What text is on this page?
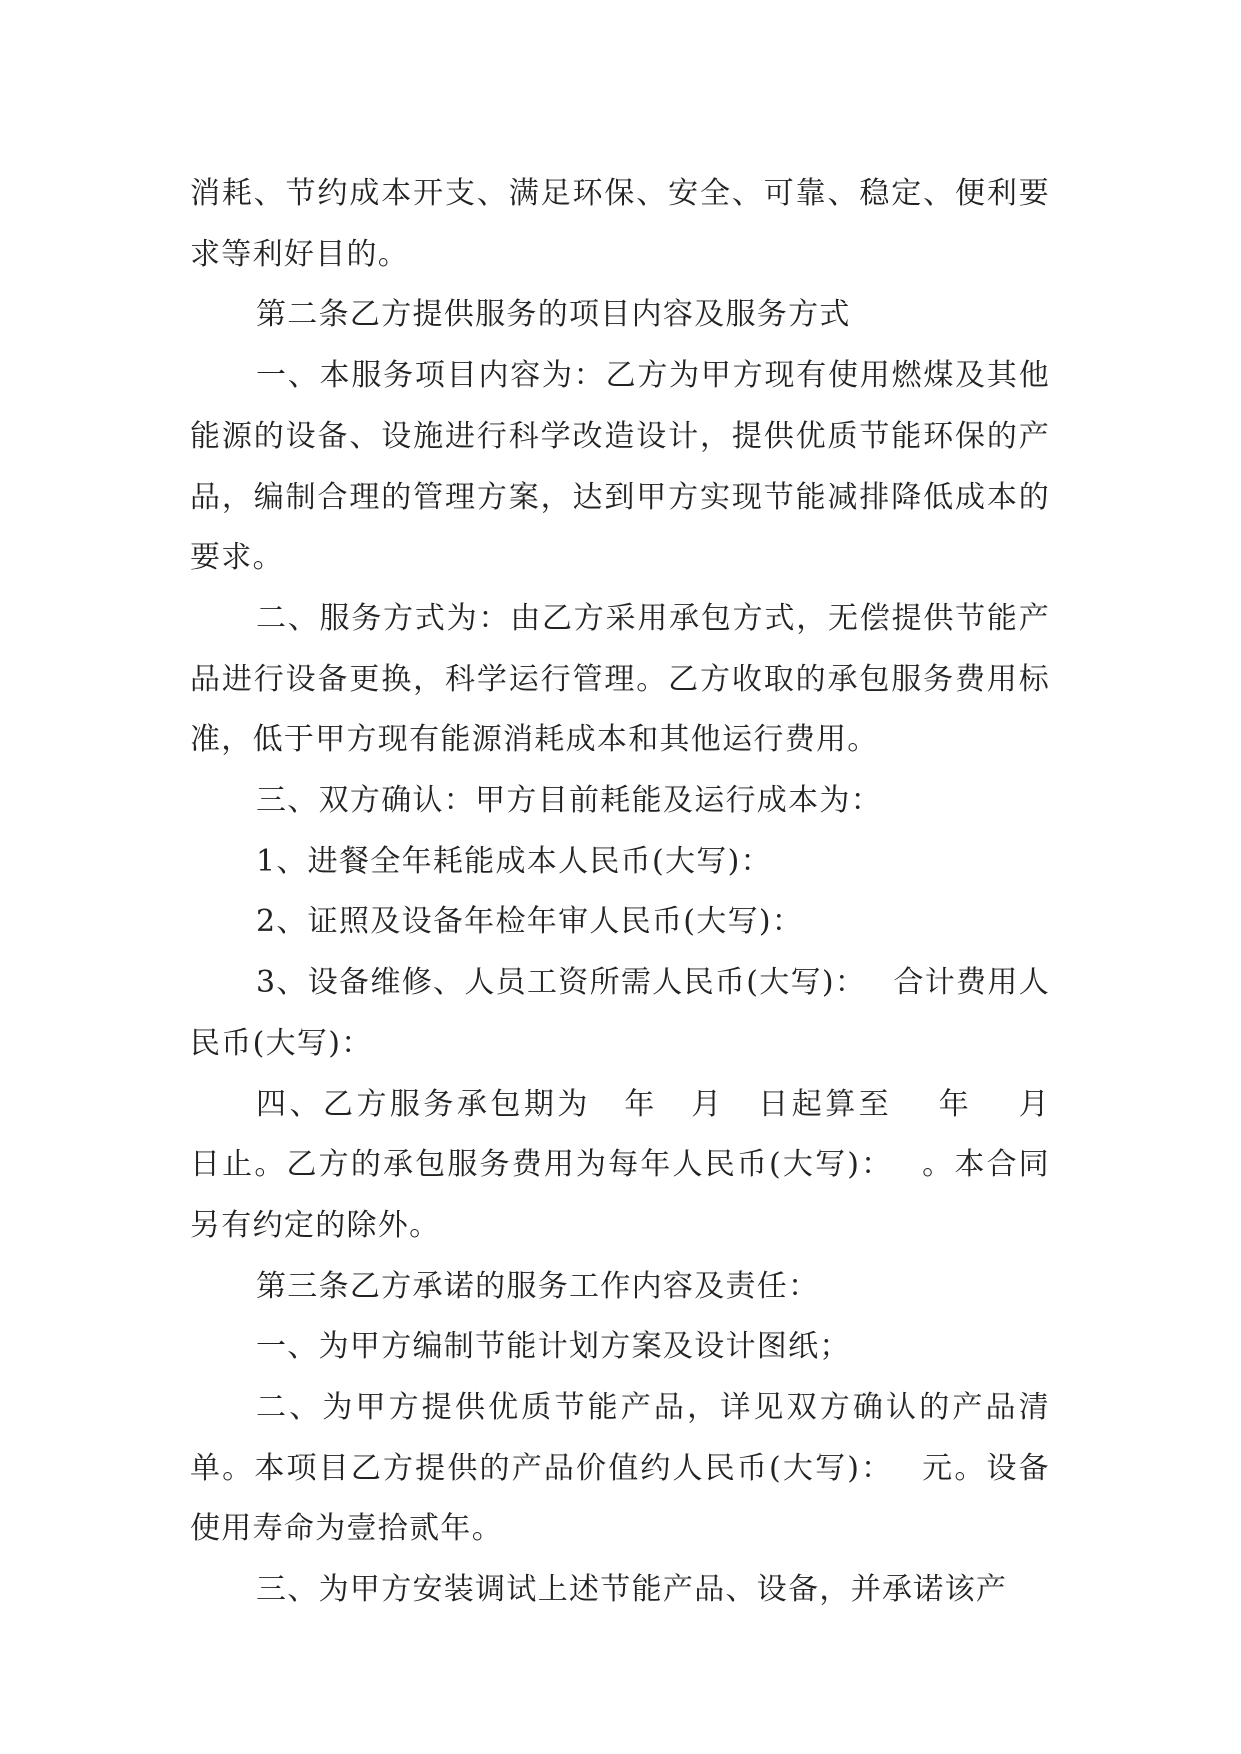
消耗、节约成本开支、满足环保、安全、可靠、稳定、便利要求等利好目的。

第二条乙方提供服务的项目内容及服务方式

一、本服务项目内容为：乙方为甲方现有使用燃煤及其他能源的设备、设施进行科学改造设计，提供优质节能环保的产品，编制合理的管理方案，达到甲方实现节能减排降低成本的要求。

二、服务方式为：由乙方采用承包方式，无偿提供节能产品进行设备更换，科学运行管理。乙方收取的承包服务费用标准，低于甲方现有能源消耗成本和其他运行费用。

三、双方确认：甲方目前耗能及运行成本为：

1、进餐全年耗能成本人民币(大写)：

2、证照及设备年检年审人民币(大写)：

3、设备维修、人员工资所需人民币(大写)：　 合计费用人民币(大写)：

四、乙方服务承包期为　年　月　日起算至　 年　 月　 日止。乙方的承包服务费用为每年人民币(大写)：　 。本合同另有约定的除外。

第三条乙方承诺的服务工作内容及责任：

一、为甲方编制节能计划方案及设计图纸；

二、为甲方提供优质节能产品，详见双方确认的产品清单。本项目乙方提供的产品价值约人民币(大写)：　 元。设备使用寿命为壹拾贰年。

三、为甲方安装调试上述节能产品、设备，并承诺该产
